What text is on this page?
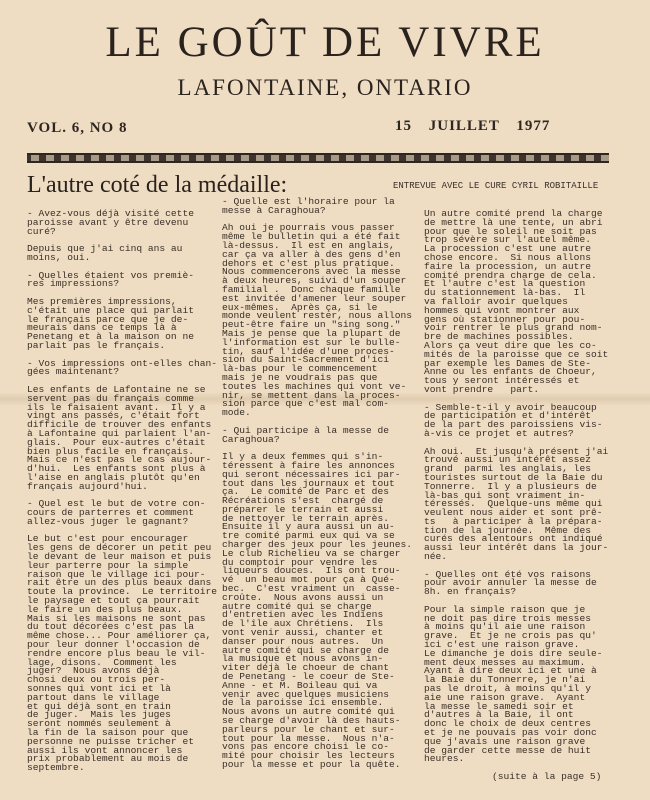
LE GOÛT DE VIVRE
LAFONTAINE, ONTARIO
VOL. 6, NO 8	15 JUILLET 1977
L'autre coté de la médaille:	ENTREVUE AVEC LE CURE CYRIL ROBITAILLE

- Avez-vous déjà visité cette
paroisse avant y être devenu
curé?

Depuis que j'ai cinq ans au
moins, oui.

- Quelles étaient vos premiè-
res impressions?

Mes premières impressions,
c'était une place qui parlait
le français parce que je de-
meurais dans ce temps là à
Penetang et à la maison on ne
parlait pas le français.

- Vos impressions ont-elles chan-
gées maintenant?

Les enfants de Lafontaine ne se
servent pas du français comme
ils le faisaient avant.  Il y a
vingt ans passés, c'était fort
difficile de trouver des enfants
à Lafontaine qui parlaient l'an-
glais.  Pour eux-autres c'était
bien plus facile en français.
Mais ce n'est pas le cas aujour-
d'hui.  Les enfants sont plus à
l'aise en anglais plutôt qu'en
français aujourd'hui.

- Quel est le but de votre con-
cours de parterres et comment
allez-vous juger le gagnant?

Le but c'est pour encourager
les gens de décorer un petit peu
le devant de leur maison et puis
leur parterre pour la simple
raison que le village ici pour-
rait être un des plus beaux dans
toute la province.  Le territoire
le paysage et tout ça pourrait
le faire un des plus beaux.
Mais si les maisons ne sont pas
du tout décorées c'est pas la
même chose... Pour améliorer ça,
pour leur donner l'occasion de
rendre encore plus beau le vil-
lage, disons.  Comment les
juger?  Nous avons déjà
chosi deux ou trois per-
sonnes qui vont ici et là
partout dans le village
et qui déjà sont en train
de juger.  Mais les juges
seront nommés seulement à
la fin de la saison pour que
personne ne puisse tricher et
aussi ils vont annoncer les
prix probablement au mois de
septembre.

- Quelle est l'horaire pour la
messe à Caraghoua?

Ah oui je pourrais vous passer
même le bulletin qui a été fait
là-dessus.  Il est en anglais,
car ça va aller à des gens d'en
dehors et c'est plus pratique.
Nous commencerons avec la messe
à deux heures, suivi d'un souper
familial .  Donc chaque famille
est invitée d'amener leur souper
eux-mêmes.  Après ça, si le
monde veulent rester, nous allons
peut-être faire un "sing song."
Mais je pense que la plupart de
l'information est sur le bulle-
tin, sauf l'idée d'une proces-
sion du Saint-Sacrement d'ici
là-bas pour le commencement
mais je ne voudrais pas que
toutes les machines qui vont ve-
nir, se mettent dans la proces-
sion parce que c'est mal com-
mode.

- Qui participe à la messe de
Caraghoua?

Il y a deux femmes qui s'in-
téressent à faire les annonces
qui seront nécessaires ici par-
tout dans les journaux et tout
ça.  Le comité de Parc et des
Récréations s'est  chargé de
préparer le terrain et aussi
de nettoyer le terrain après.
Ensuite il y aura aussi un au-
tre comité parmi eux qui va se
charger des jeux pour les jeunes.
Le club Richelieu va se charger
du comptoir pour vendre les
liqueurs douces.  Ils ont trou-
vé  un beau mot pour ça à Qué-
bec.  C'est vraiment un  casse-
croûte.  Nous avons aussi un
autre comité qui se charge
d'entretien avec les Indiens
de l'île aux Chrétiens.  Ils
vont venir aussi, chanter et
danser pour nous autres.  Un
autre comité qui se charge de
la musique et nous avons in-
viter déjà le choeur de chant
de Penetang - le coeur de Ste-
Anne - et M. Boileau qui va
venir avec quelques musiciens
de la paroisse ici ensemble.
Nous avons un autre comité qui
se charge d'avoir là des hauts-
parleurs pour le chant et sur-
tout pour la messe.  Nous n'a-
vons pas encore choisi le co-
mité pour choisir les lecteurs
pour la messe et pour la quête.

Un autre comité prend la charge
de mettre là une tente, un abri
pour que le soleil ne soit pas
trop sévère sur l'autel même.
La procession c'est une autre
chose encore.  Si nous allons
faire la procession, un autre
comité prendra charge de cela.
Et l'autre c'est la question
du stationnement là-bas.  Il
va falloir avoir quelques
hommes qui vont montrer aux
gens où stationner pour pou-
voir rentrer le plus grand nom-
bre de machines possibles.
Alors ça veut dire que les co-
mités de la paroisse que ce soit
par exemple les Dames de Ste-
Anne ou les enfants de Choeur,
tous y seront intéressés et
vont prendre   part.

- Semble-t-il y avoir beaucoup
de participation et d'intérêt
de la part des paroissiens vis-
à-vis ce projet et autres?

Ah oui.  Et jusqu'à présent j'ai
trouvé aussi un intérêt assez
grand  parmi les anglais, les
touristes surtout de la Baie du
Tonnerre.  Il y a plusieurs de
là-bas qui sont vraiment in-
téressés.  Quelque-uns même qui
veulent nous aider et sont prê-
ts   à participer à la prépara-
tion de la journée.  Même des
curés des alentours ont indiqué
aussi leur intérêt dans la jour-
née.

- Quelles ont été vos raisons
pour avoir annuler la messe de
8h. en français?

Pour la simple raison que je
ne doit pas dire trois messes
à moins qu'il aie une raison
grave.  Et je ne crois pas qu'
ici c'est une raison grave.
Le dimanche je dois dire seule-
ment deux messes au maximum.
Ayant à dire deux ici et une à
la Baie du Tonnerre, je n'ai
pas le droit, à moins qu'il y
aie une raison grave.  Ayant
la messe le samedi soir et
d'autres à la Baie, il ont
donc le choix de deux centres
et je ne pouvais pas voir donc
que j'avais une raison grave
de garder cette messe de huit
heures.

(suite à la page 5)
